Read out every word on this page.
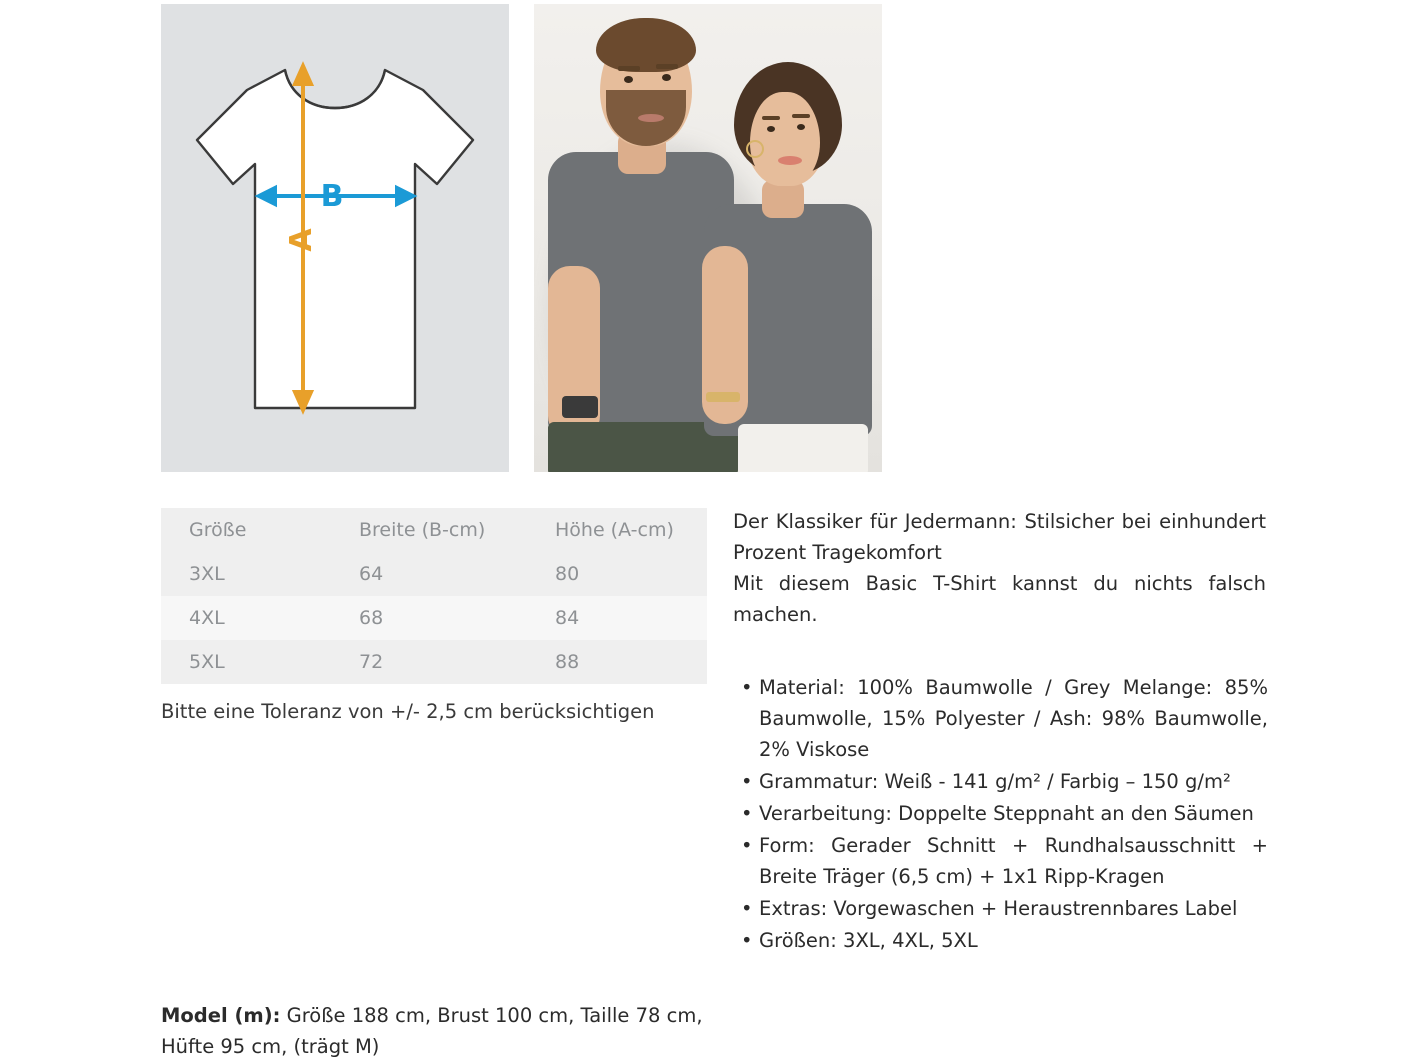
B
A
Größe	Breite (B-cm)	Höhe (A-cm)
3XL	64	80
4XL	68	84
5XL	72	88
Bitte eine Toleranz von +/- 2,5 cm berücksichtigen
Model (m): Größe 188 cm, Brust 100 cm, Taille 78 cm, Hüfte 95 cm, (trägt M)

Der Klassiker für Jedermann: Stilsicher bei einhundert Prozent Tragekomfort

Mit diesem Basic T-Shirt kannst du nichts falsch machen.

• Material: 100% Baumwolle / Grey Melange: 85% Baumwolle, 15% Polyester / Ash: 98% Baumwolle, 2% Viskose
• Grammatur: Weiß - 141 g/m² / Farbig – 150 g/m²
• Verarbeitung: Doppelte Steppnaht an den Säumen
• Form: Gerader Schnitt + Rundhalsausschnitt + Breite Träger (6,5 cm) + 1x1 Ripp-Kragen
• Extras: Vorgewaschen + Heraustrennbares Label
• Größen: 3XL, 4XL, 5XL
